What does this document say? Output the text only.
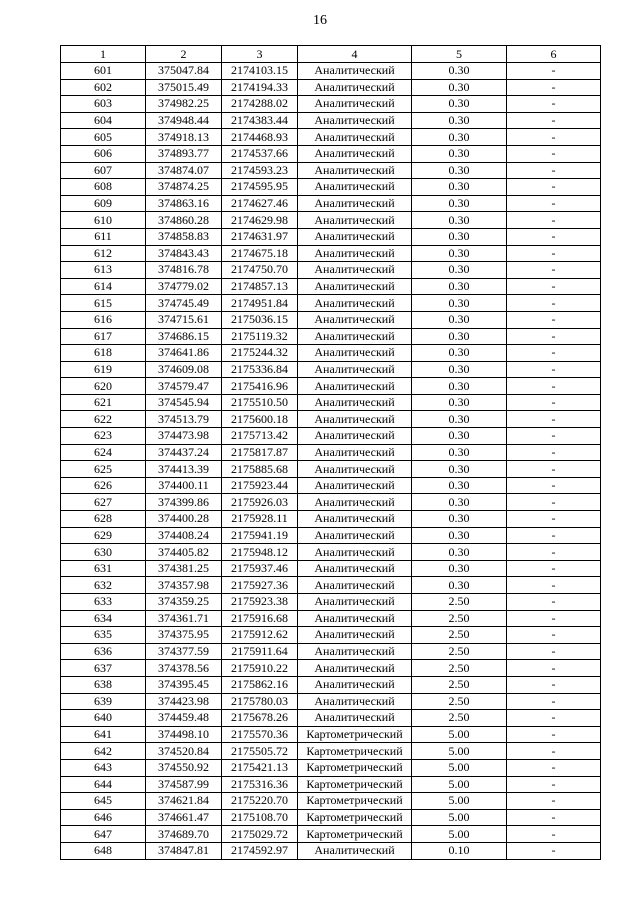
16
1	2	3	4	5	6
601	375047.84	2174103.15	Аналитический	0.30	-
602	375015.49	2174194.33	Аналитический	0.30	-
603	374982.25	2174288.02	Аналитический	0.30	-
604	374948.44	2174383.44	Аналитический	0.30	-
605	374918.13	2174468.93	Аналитический	0.30	-
606	374893.77	2174537.66	Аналитический	0.30	-
607	374874.07	2174593.23	Аналитический	0.30	-
608	374874.25	2174595.95	Аналитический	0.30	-
609	374863.16	2174627.46	Аналитический	0.30	-
610	374860.28	2174629.98	Аналитический	0.30	-
611	374858.83	2174631.97	Аналитический	0.30	-
612	374843.43	2174675.18	Аналитический	0.30	-
613	374816.78	2174750.70	Аналитический	0.30	-
614	374779.02	2174857.13	Аналитический	0.30	-
615	374745.49	2174951.84	Аналитический	0.30	-
616	374715.61	2175036.15	Аналитический	0.30	-
617	374686.15	2175119.32	Аналитический	0.30	-
618	374641.86	2175244.32	Аналитический	0.30	-
619	374609.08	2175336.84	Аналитический	0.30	-
620	374579.47	2175416.96	Аналитический	0.30	-
621	374545.94	2175510.50	Аналитический	0.30	-
622	374513.79	2175600.18	Аналитический	0.30	-
623	374473.98	2175713.42	Аналитический	0.30	-
624	374437.24	2175817.87	Аналитический	0.30	-
625	374413.39	2175885.68	Аналитический	0.30	-
626	374400.11	2175923.44	Аналитический	0.30	-
627	374399.86	2175926.03	Аналитический	0.30	-
628	374400.28	2175928.11	Аналитический	0.30	-
629	374408.24	2175941.19	Аналитический	0.30	-
630	374405.82	2175948.12	Аналитический	0.30	-
631	374381.25	2175937.46	Аналитический	0.30	-
632	374357.98	2175927.36	Аналитический	0.30	-
633	374359.25	2175923.38	Аналитический	2.50	-
634	374361.71	2175916.68	Аналитический	2.50	-
635	374375.95	2175912.62	Аналитический	2.50	-
636	374377.59	2175911.64	Аналитический	2.50	-
637	374378.56	2175910.22	Аналитический	2.50	-
638	374395.45	2175862.16	Аналитический	2.50	-
639	374423.98	2175780.03	Аналитический	2.50	-
640	374459.48	2175678.26	Аналитический	2.50	-
641	374498.10	2175570.36	Картометрический	5.00	-
642	374520.84	2175505.72	Картометрический	5.00	-
643	374550.92	2175421.13	Картометрический	5.00	-
644	374587.99	2175316.36	Картометрический	5.00	-
645	374621.84	2175220.70	Картометрический	5.00	-
646	374661.47	2175108.70	Картометрический	5.00	-
647	374689.70	2175029.72	Картометрический	5.00	-
648	374847.81	2174592.97	Аналитический	0.10	-
